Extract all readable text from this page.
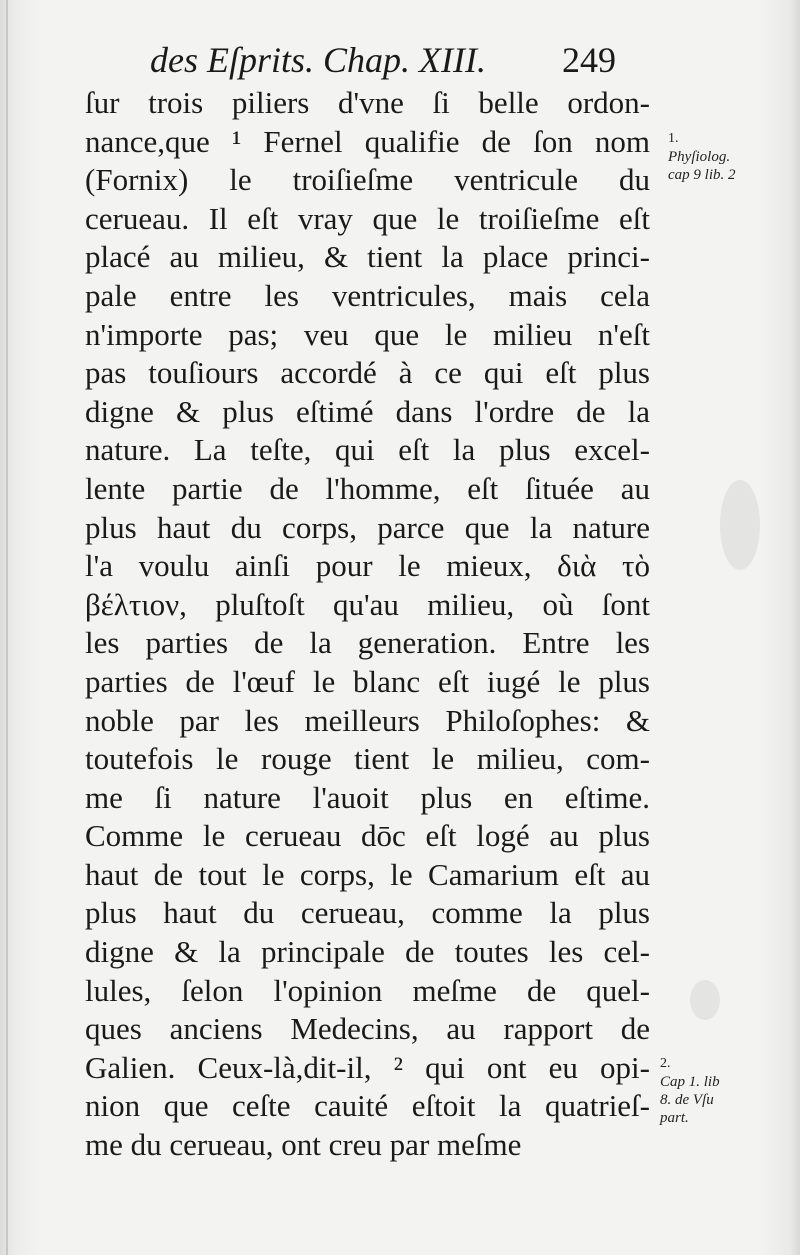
des Eſprits. Chap. XIII. 249
ſur trois piliers d'vne ſi belle ordon-
nance,que ¹ Fernel qualifie de ſon nom
(Fornix) le troiſieſme ventricule du
cerueau. Il eſt vray que le troiſieſme eſt
placé au milieu, & tient la place princi-
pale entre les ventricules, mais cela
n'importe pas; veu que le milieu n'eſt
pas touſiours accordé à ce qui eſt plus
digne & plus eſtimé dans l'ordre de la
nature. La teſte, qui eſt la plus excel-
lente partie de l'homme, eſt ſituée au
plus haut du corps, parce que la nature
l'a voulu ainſi pour le mieux, διὰ τὸ
βέλτιον, pluſtoſt qu'au milieu, où ſont
les parties de la generation. Entre les
parties de l'œuf le blanc eſt iugé le plus
noble par les meilleurs Philoſophes: &
toutefois le rouge tient le milieu, com-
me ſi nature l'auoit plus en eſtime.
Comme le cerueau dōc eſt logé au plus
haut de tout le corps, le Camarium eſt au
plus haut du cerueau, comme la plus
digne & la principale de toutes les cel-
lules, ſelon l'opinion meſme de quel-
ques anciens Medecins, au rapport de
Galien. Ceux-là,dit-il, ² qui ont eu opi-
nion que ceſte cauité eſtoit la quatrieſ-
me du cerueau, ont creu par meſme
1.
Phyſiolog.
cap 9 lib. 2
2.
Cap 1. lib
8. de Vſu
part.
